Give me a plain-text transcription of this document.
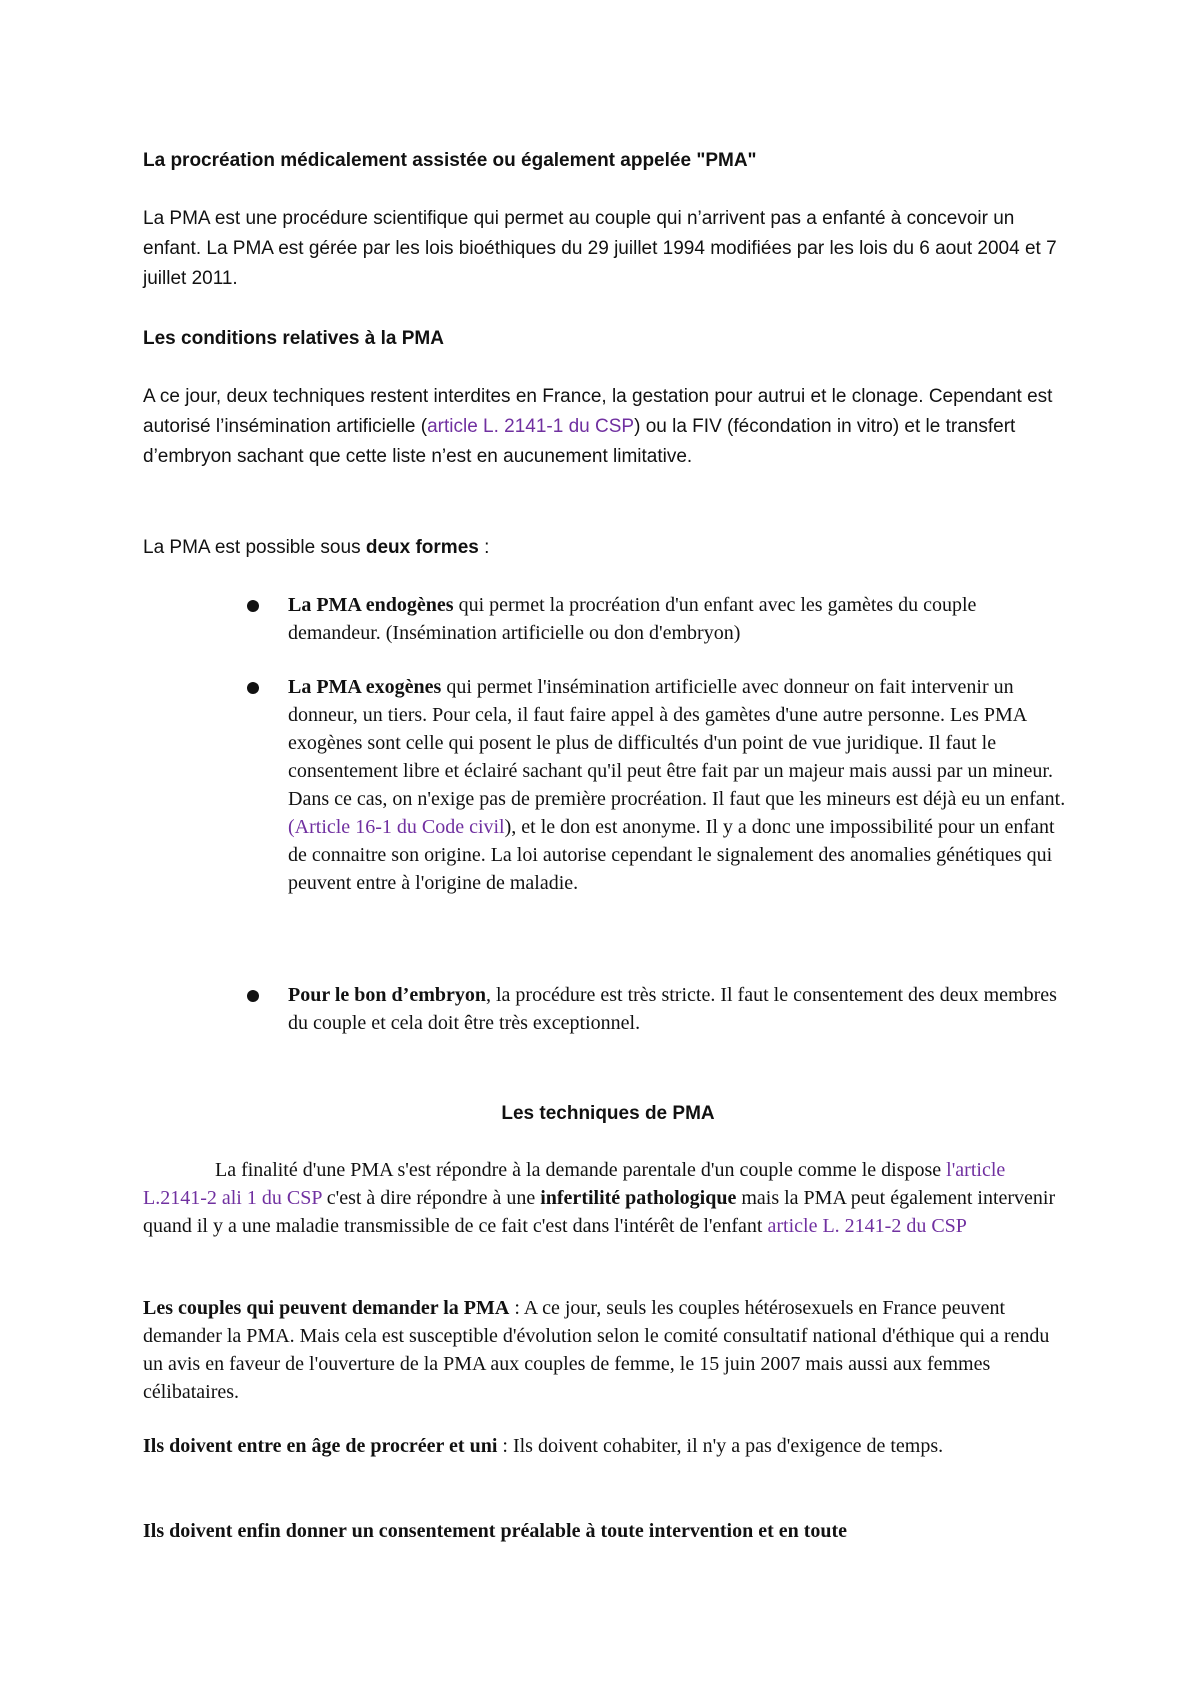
La procréation médicalement assistée ou également appelée "PMA"

La PMA est une procédure scientifique qui permet au couple qui n’arrivent pas a enfanté à concevoir un enfant. La PMA est gérée par les lois bioéthiques du 29 juillet 1994 modifiées par les lois du 6 aout 2004 et 7 juillet 2011.

Les conditions relatives à la PMA

A ce jour, deux techniques restent interdites en France, la gestation pour autrui et le clonage. Cependant est autorisé l’insémination artificielle (article L. 2141-1 du CSP) ou la FIV (fécondation in vitro) et le transfert d’embryon sachant que cette liste n’est en aucunement limitative.

La PMA est possible sous deux formes :

La PMA endogènes qui permet la procréation d'un enfant avec les gamètes du couple demandeur. (Insémination artificielle ou don d'embryon)

La PMA exogènes qui permet l'insémination artificielle avec donneur on fait intervenir un donneur, un tiers. Pour cela, il faut faire appel à des gamètes d'une autre personne. Les PMA exogènes sont celle qui posent le plus de difficultés d'un point de vue juridique. Il faut le consentement libre et éclairé sachant qu'il peut être fait par un majeur mais aussi par un mineur. Dans ce cas, on n'exige pas de première procréation. Il faut que les mineurs est déjà eu un enfant. (Article 16-1 du Code civil), et le don est anonyme. Il y a donc une impossibilité pour un enfant de connaitre son origine. La loi autorise cependant le signalement des anomalies génétiques qui peuvent entre à l'origine de maladie.

Pour le bon d’embryon, la procédure est très stricte. Il faut le consentement des deux membres du couple et cela doit être très exceptionnel.

Les techniques de PMA

La finalité d'une PMA s'est répondre à la demande parentale d'un couple comme le dispose l'article L.2141-2 ali 1 du CSP c'est à dire répondre à une infertilité pathologique mais la PMA peut également intervenir quand il y a une maladie transmissible de ce fait c'est dans l'intérêt de l'enfant article L. 2141-2 du CSP

Les couples qui peuvent demander la PMA : A ce jour, seuls les couples hétérosexuels en France peuvent demander la PMA. Mais cela est susceptible d'évolution selon le comité consultatif national d'éthique qui a rendu un avis en faveur de l'ouverture de la PMA aux couples de femme, le 15 juin 2007 mais aussi aux femmes célibataires.

Ils doivent entre en âge de procréer et uni : Ils doivent cohabiter, il n'y a pas d'exigence de temps.

Ils doivent enfin donner un consentement préalable à toute intervention et en toute
